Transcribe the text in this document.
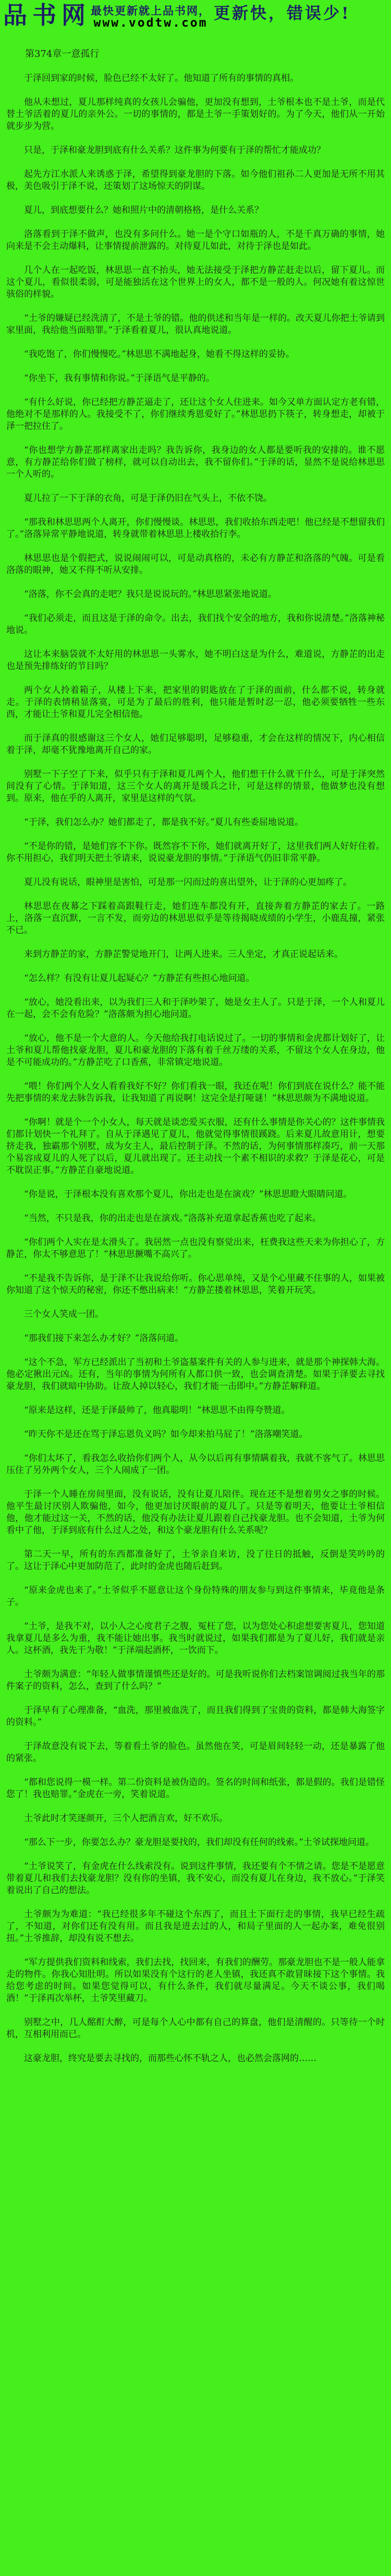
品书网 最快更新就上品书网，
www.vodtw.com 更新快，错误少!
第374章一意孤行

于泽回到家的时候，脸色已经不太好了。他知道了所有的事情的真相。

他从未想过，夏儿那样纯真的女孩儿会骗他，更加没有想到，土爷根本也不是土爷，而是代替土爷活着的夏儿的亲外公。一切的事情的，都是土爷一手策划好的。为了今天，他们从一开始就步步为营。

只是，于泽和豪龙胆到底有什么关系？这件事为何要有于泽的帮忙才能成功？

起先方江水派人来诱惑于泽，希望得到豪龙胆的下落。如今他们祖孙二人更加是无所不用其极，美色吸引于泽不说，还策划了这场惊天的阴谋。

夏儿，到底想要什么？她和照片中的清朝格格，是什么关系？

洛落看到于泽不做声，也没有多问什么。她一是个守口如瓶的人，不是千真万确的事情，她向来是不会主动爆料，让事情提前泄露的。对待夏儿如此，对待于泽也是如此。

几个人在一起吃饭，林思思一直不抬头，她无法接受于泽把方静芷赶走以后，留下夏儿。而这个夏儿，看似很柔弱，可是能独活在这个世界上的女人，都不是一般的人。何况她有着这惊世骇俗的样貌。

“土爷的嫌疑已经洗清了，不是土爷的错。他的供述和当年是一样的。改天夏儿你把土爷请到家里面，我给他当面赔罪。”于泽看着夏儿，很认真地说道。

“我吃饱了，你们慢慢吃。”林思思不满地起身，她看不得这样的妥协。

“你坐下，我有事情和你说。”于泽语气是平静的。

“有什么好说，你已经把方静芷逼走了，还让这个女人住进来。如今又单方面认定方老有错，他绝对不是那样的人。我接受不了，你们继续秀恩爱好了。”林思思扔下筷子，转身想走，却被于泽一把拉住了。

“你也想学方静芷那样离家出走吗？我告诉你，我身边的女人都是要听我的安排的。谁不愿意，有方静芷给你们做了榜样，就可以自动出去，我不留你们。”于泽的话，显然不是说给林思思一个人听的。

夏儿拉了一下于泽的衣角，可是于泽仍旧在气头上，不依不饶。

“那我和林思思两个人离开，你们慢慢谈。林思思，我们收拾东西走吧！他已经是不想留我们了。”洛落异常平静地说道，转身就带着林思思上楼收拾行李。

林思思也是个假把式，说说闹闹可以，可是动真格的，未必有方静芷和洛落的气魄。可是看洛落的眼神，她又不得不听从安排。

“洛落，你不会真的走吧？我只是说说玩的。”林思思紧张地说道。

“我们必须走，而且这是于泽的命令。出去，我们找个安全的地方，我和你说清楚。”洛落神秘地说。

这让本来脑袋就不太好用的林思思一头雾水，她不明白这是为什么，难道说，方静芷的出走也是预先排练好的节目吗？

两个女人拎着箱子，从楼上下来，把家里的钥匙放在了于泽的面前，什么都不说，转身就走。于泽的表情稍显落寞，可是为了最后的胜利，他只能是暂时忍一忍，他必须要牺牲一些东西，才能让土爷和夏儿完全相信他。

而于泽真的很感谢这三个女人，她们足够聪明，足够稳重，才会在这样的情况下，内心相信着于泽，却毫不犹豫地离开自己的家。

别墅一下子空了下来，似乎只有于泽和夏儿两个人，他们想干什么就干什么，可是于泽突然间没有了心情。于泽知道，这三个女人的离开是缓兵之计，可是这样的情景，他做梦也没有想到。原来，他在乎的人离开，家里是这样的气氛。

“于泽，我们怎么办？她们都走了，都是我不好。”夏儿有些委屈地说道。

“不是你的错，是她们容不下你。既然容不下你，她们就离开好了，这里我们两人好好住着。你不用担心，我们明天把土爷请来，说说豪龙胆的事情。”于泽语气仍旧非常平静。

夏儿没有说话，眼神里是害怕，可是那一闪而过的喜出望外，让于泽的心更加疼了。

林思思在夜幕之下踩着高跟鞋行走，她们连车都没有开，直接奔着方静芷的家去了。一路上，洛落一直沉默，一言不发，而旁边的林思思似乎是等待揭晓成绩的小学生，小鹿乱撞，紧张不已。

来到方静芷的家，方静芷警觉地开门，让两人进来。三人坐定，才真正说起话来。

“怎么样？有没有让夏儿起疑心？”方静芷有些担心地问道。

“放心，她没看出来，以为我们三人和于泽吵架了，她是女主人了。只是于泽，一个人和夏儿在一起，会不会有危险？”洛落颇为担心地问道。

“放心，他不是一个大意的人。今天他给我打电话说过了。一切的事情和金虎都计划好了，让土爷和夏儿帮他找豪龙胆，夏儿和豪龙胆的下落有着千丝万缕的关系，不留这个女人在身边，他是不可能成功的。”方静芷吃了口香蕉，非常镇定地说道。

“喂！你们两个人女人看看我好不好？你们看我一眼，我还在呢！你们到底在说什么？能不能先把事情的来龙去脉告诉我，让我知道了再说啊！这完全是打哑谜！”林思思颇为不满地说道。

“你啊！就是个一个小女人，每天就是谈恋爱买衣服，还有什么事情是你关心的？这件事情我们都计划快一个礼拜了。自从于泽遇见了夏儿，他就觉得事情很蹊跷。后来夏儿故意用计，想要挤走我，独霸那个别墅，成为女主人，最后控制于泽。不然的话，为何事情那样凑巧，前一天那个易容成夏儿的人死了以后，夏儿就出现了。还主动找一个素不相识的求救？于泽是花心，可是不耽误正事。”方静芷自豪地说道。

“你是说，于泽根本没有喜欢那个夏儿，你出走也是在演戏？”林思思瞪大眼睛问道。

“当然，不只是我，你的出走也是在演戏。”洛落补充道拿起香蕉也吃了起来。

“你们两个人实在是太滑头了。我居然一点也没有察觉出来，枉费我这些天来为你担心了，方静芷，你太不够意思了！”林思思撅嘴不高兴了。

“不是我不告诉你，是于泽不让我说给你听。你心思单纯，又是个心里藏不住事的人，如果被你知道了这个惊天的秘密，你还不憋出病来！”方静芷搂着林思思，笑着开玩笑。

三个女人笑成一团。

“那我们接下来怎么办才好？”洛落问道。

“这个不急，军方已经派出了当初和土爷盗墓案件有关的人参与进来，就是那个神探韩大海。他必定揪出元凶。还有，当年的事情为何所有人都口供一致，也会调查清楚。如果于泽要去寻找豪龙胆，我们就暗中协助。让敌人掉以轻心，我们才能一击即中。”方静芷解释道。

“原来是这样，还是于泽最帅了，他真聪明！”林思思不由得夸赞道。

“昨天你不是还在骂于泽忘恩负义吗？如今却来拍马屁了！”洛落嘲笑道。

“你们太坏了，看我怎么收拾你们两个人，从今以后再有事情瞒着我，我就不客气了。林思思压住了另外两个女人，三个人闹成了一团。

于泽一个人睡在房间里面，没有说话，没有让夏儿陪伴。现在还不是想着男女之事的时候。他平生最讨厌别人欺骗他，如今，他更加讨厌眼前的夏儿了。只是等着明天，他要让土爷相信他，他才能过这一关，不然的话，他没有办法让夏儿跟着自己找豪龙胆。也不会知道，土爷为何看中了他，于泽到底有什么过人之处，和这个豪龙胆有什么关系呢？

第二天一早，所有的东西都准备好了，土爷亲自来访，没了往日的抵触，反倒是笑吟吟的了。这让于泽心中更加防范了，此时的金虎也随后赶到。

“原来金虎也来了。”土爷似乎不愿意让这个身份特殊的朋友参与到这件事情来，毕竟他是条子。

“土爷，是我不对，以小人之心度君子之腹，冤枉了您，以为您处心积虑想要害夏儿，您知道我拿夏儿是多么为重，我不能让她出事。我当时就说过，如果我们都是为了夏儿好，我们就是亲人。这杯酒，我先干为敬！”于泽端起酒杯，一饮而下。

土爷颇为满意：“年轻人做事情谨慎些还是好的。可是我听说你们去档案馆调阅过我当年的那件案子的资料，怎么，查到了什么吗？”

于泽早有了心理准备，“血洗，那里被血洗了，而且我们得到了宝贵的资料，都是韩大海签字的资料。”

于泽故意没有说下去，等着看土爷的脸色。虽然他在笑，可是眉间轻轻一动，还是暴露了他的紧张。

“都和您说得一模一样。第二份资料是被伪造的。签名的时间和纸张，都是假的。我们是错怪您了！我也赔罪。”金虎在一旁，笑着说道。

土爷此时才笑逐颜开，三个人把酒言欢，好不欢乐。

“那么下一步，你要怎么办？豪龙胆是要找的，我们却没有任何的线索。”土爷试探地问道。

“土爷说笑了，有金虎在什么线索没有。说到这件事情，我还要有个不情之请。您是不是愿意带着夏儿和我们去找豪龙胆？没有你的坐镇，我不安心，而没有夏儿在身边，我不放心。”于泽笑着说出了自己的想法。

土爷颇为为难道：“我已经很多年不碰这个东西了，而且土下面行走的事情，我早已经生疏了，不知道，对你们还有没有用。而且我是进去过的人，和局子里面的人一起办案，难免很别扭。”土爷推辞，却没有说不想去。

“军方提供我们资料和线索，我们去找，找回来，有我们的酬劳。那豪龙胆也不是一般人能拿走的物件。你我心知肚明。所以如果没有个这行的老人坐镇，我还真不敢冒昧接下这个事情。我给您考虑的时间。如果您觉得可以，有什么条件，我们就尽量满足。今天不谈公事，我们喝酒！”于泽再次举杯，土爷笑里藏刀。

别墅之中，几人酩酊大醉，可是每个人心中都有自己的算盘，他们是清醒的。只等待一个时机，互相利用而已。

这豪龙胆，终究是要去寻找的，而那些心怀不轨之人，也必然会落网的……
